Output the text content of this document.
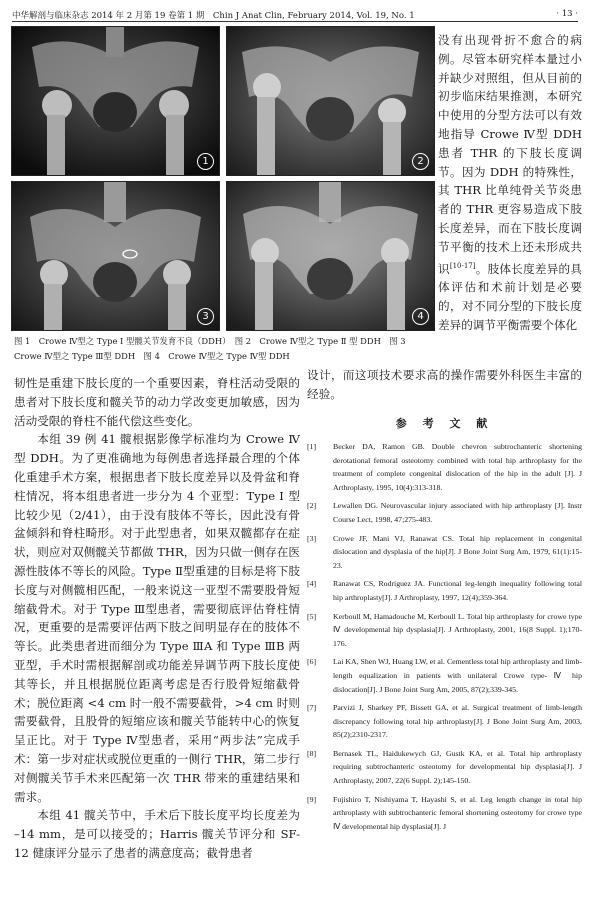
中华解剖与临床杂志 2014 年 2 月第 19 卷第 1 期　Chin J Anat Clin, February 2014, Vol. 19, No. 1	· 13 ·
1	2
3	4
图 1　Crowe Ⅳ型之 Type Ⅰ 型髋关节发育不良（DDH）　图 2　Crowe Ⅳ型之 Type Ⅱ 型 DDH　图 3　Crowe Ⅳ型之 Type Ⅲ型 DDH　图 4　Crowe Ⅳ型之 Type Ⅳ型 DDH
没有出现骨折不愈合的病例。尽管本研究样本量过小并缺少对照组，但从目前的初步临床结果推测，本研究中使用的分型方法可以有效地指导 Crowe Ⅳ型 DDH 患者 THR 的下肢长度调节。因为 DDH 的特殊性，其 THR 比单纯骨关节炎患者的 THR 更容易造成下肢长度差异，而在下肢长度调节平衡的技术上还未形成共识[10-17]。肢体长度差异的具体评估和术前计划是必要的，对不同分型的下肢长度差异的调节平衡需要个体化

韧性是重建下肢长度的一个重要因素，脊柱活动受限的患者对下肢长度和髋关节的动力学改变更加敏感，因为活动受限的脊柱不能代偿这些变化。

本组 39 例 41 髋根据影像学标准均为 Crowe Ⅳ型 DDH。为了更准确地为每例患者选择最合理的个体化重建手术方案，根据患者下肢长度差异以及骨盆和脊柱情况，将本组患者进一步分为 4 个亚型：Type Ⅰ 型比较少见（2/41），由于没有肢体不等长，因此没有骨盆倾斜和脊柱畸形。对于此型患者，如果双髋都存在症状，则应对双侧髋关节都做 THR，因为只做一侧存在医源性肢体不等长的风险。Type Ⅱ型重建的目标是将下肢长度与对侧髋相匹配，一般来说这一亚型不需要股骨短缩截骨术。对于 Type Ⅲ型患者，需要彻底评估脊柱情况，更重要的是需要评估两下肢之间明显存在的肢体不等长。此类患者进而细分为 Type ⅢA 和 Type ⅢB 两亚型，手术时需根据解剖或功能差异调节两下肢长度使其等长，并且根据脱位距离考虑是否行股骨短缩截骨术；脱位距离 <4 cm 时一般不需要截骨，>4 cm 时则需要截骨，且股骨的短缩应该和髋关节能转中心的恢复呈正比。对于 Type Ⅳ型患者，采用“两步法”完成手术：第一步对症状或脱位更重的一侧行 THR，第二步行对侧髋关节手术来匹配第一次 THR 带来的重建结果和需求。

本组 41 髋关节中，手术后下肢长度平均长度差为 –14 mm，是可以接受的；Harris 髋关节评分和 SF-12 健康评分显示了患者的满意度高；截骨患者

设计，而这项技术要求高的操作需要外科医生丰富的经验。
参 考 文 献
[1] Becker DA, Ramon GB. Double chevron subtrochanteric shortening derotational femoral osteotomy combined with total hip arthroplasty for the treatment of complete congenital dislocation of the hip in the adult [J]. J Arthroplasty, 1995, 10(4):313-318.
[2] Lewallen DG. Neurovascular injury associated with hip arthroplasty [J]. Instr Course Lect, 1998, 47;275-483.
[3] Crowe JF, Mani VJ, Ranawat CS. Total hip replacement in congenital dislocation and dysplasia of the hip[J]. J Bone Joint Surg Am, 1979, 61(1):15-23.
[4] Ranawat CS, Rodriguez JA. Functional leg-length inequality following total hip arthroplasty[J]. J Arthroplasty, 1997, 12(4);359-364.
[5] Kerboull M, Hamadouche M, Kerboull L. Total hip arthroplasty for crowe type Ⅳ developmental hip dysplasia[J]. J Arthroplasty, 2001, 16(8 Suppl. 1);170-176.
[6] Lai KA, Shen WJ, Huang LW, et al. Cementless total hip arthroplasty and limb-length equalization in patients with unilateral Crowe type- Ⅳ hip dislocation[J]. J Bone Joint Surg Am, 2005, 87(2);339-345.
[7] Parvizi J, Sharkey PF, Bissett GA, et al. Surgical treatment of limb-length discrepancy following total hip arthroplasty[J]. J Bone Joint Surg Am, 2003, 85(2);2310-2317.
[8] Bernasek TL, Haidukewych GJ, Gustk KA, et al. Total hip arthroplasty requiring subtrochanteric osteotomy for developmental hip dysplasia[J]. J Arthroplasty, 2007, 22(6 Suppl. 2);145-150.
[9] Fujishiro T, Nishiyama T, Hayashi S, et al. Leg length change in total hip arthroplasty with subtrochanteric femoral shortening osteotomy for crowe type Ⅳ developmental hip dysplasia[J]. J
